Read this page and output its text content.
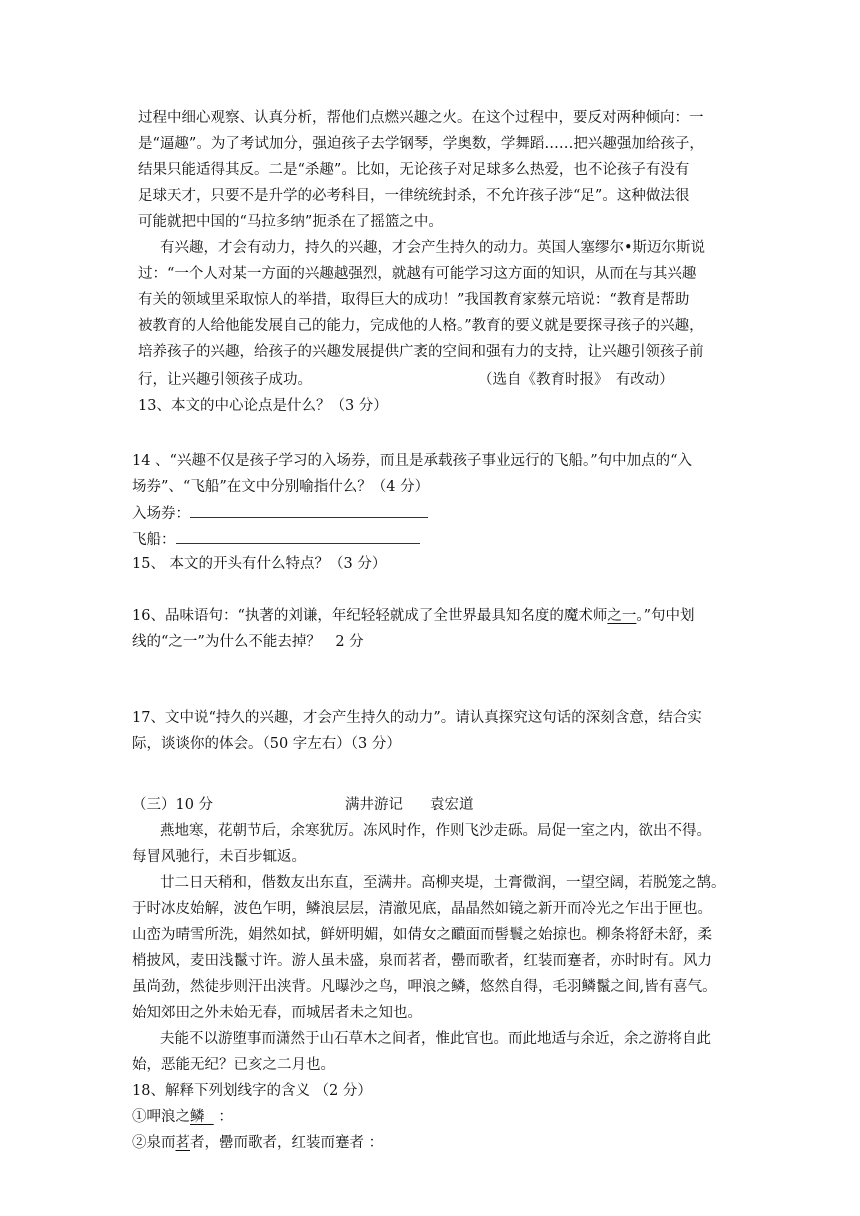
过程中细心观察、认真分析，帮他们点燃兴趣之火。在这个过程中，要反对两种倾向：一
是“逼趣”。为了考试加分，强迫孩子去学钢琴，学奥数，学舞蹈……把兴趣强加给孩子，
结果只能适得其反。二是“杀趣”。比如，无论孩子对足球多么热爱，也不论孩子有没有
足球天才，只要不是升学的必考科目，一律统统封杀，不允许孩子涉“足”。这种做法很
可能就把中国的“马拉多纳”扼杀在了摇篮之中。
有兴趣，才会有动力，持久的兴趣，才会产生持久的动力。英国人塞缪尔•斯迈尔斯说
过：“一个人对某一方面的兴趣越强烈，就越有可能学习这方面的知识，从而在与其兴趣
有关的领域里采取惊人的举措，取得巨大的成功！”我国教育家蔡元培说：“教育是帮助
被教育的人给他能发展自己的能力，完成他的人格。”教育的要义就是要探寻孩子的兴趣，
培养孩子的兴趣，给孩子的兴趣发展提供广袤的空间和强有力的支持，让兴趣引领孩子前
行，让兴趣引领孩子成功。	（选自《教育时报》　有改动）
13、本文的中心论点是什么？（3 分）
14 、“兴趣不仅是孩子学习的入场券，而且是承载孩子事业远行的飞船。”句中加点的“入
场券”、“飞船”在文中分别喻指什么？（4 分）
入场券：
飞船：
15、 本文的开头有什么特点？（3 分）
16、品味语句：“执著的刘谦，年纪轻轻就成了全世界最具知名度的魔术师之一。”句中划
线的“之一”为什么不能去掉？　2 分
17、文中说“持久的兴趣，才会产生持久的动力”。请认真探究这句话的深刻含意，结合实
际，谈谈你的体会。（50 字左右）（3 分）
（三）10 分	满井游记 袁宏道
燕地寒，花朝节后，余寒犹厉。冻风时作，作则飞沙走砾。局促一室之内，欲出不得。
每冒风驰行，未百步辄返。
廿二日天稍和，偕数友出东直，至满井。高柳夹堤，土膏微润，一望空阔，若脱笼之鹄。
于时冰皮始解，波色乍明，鳞浪层层，清澈见底，晶晶然如镜之新开而冷光之乍出于匣也。
山峦为晴雪所洗，娟然如拭，鲜妍明媚，如倩女之靧面而髻鬟之始掠也。柳条将舒未舒，柔
梢披风，麦田浅鬣寸许。游人虽未盛，泉而茗者，罍而歌者，红装而蹇者，亦时时有。风力
虽尚劲，然徒步则汗出浃背。凡曝沙之鸟，呷浪之鳞，悠然自得，毛羽鳞鬣之间,皆有喜气。
始知郊田之外未始无春，而城居者未之知也。
夫能不以游堕事而潇然于山石草木之间者，惟此官也。而此地适与余近，余之游将自此
始，恶能无纪？已亥之二月也。
18、解释下列划线字的含义 （2 分）
①呷浪之鳞   ：
②泉而茗者，罍而歌者，红装而蹇者 ：
